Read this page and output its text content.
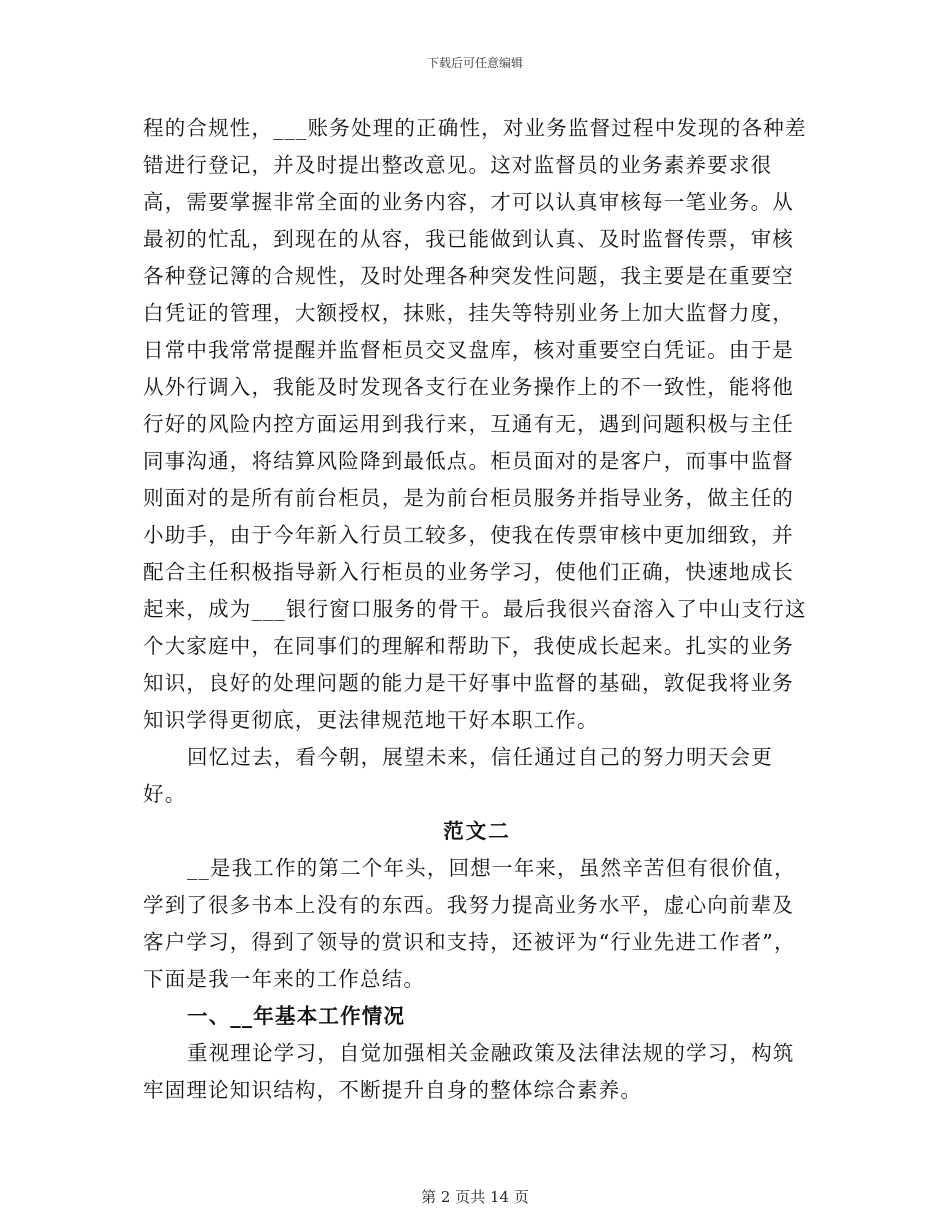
下载后可任意编辑

程的合规性，___账务处理的正确性，对业务监督过程中发现的各种差错进行登记，并及时提出整改意见。这对监督员的业务素养要求很高，需要掌握非常全面的业务内容，才可以认真审核每一笔业务。从最初的忙乱，到现在的从容，我已能做到认真、及时监督传票，审核各种登记簿的合规性，及时处理各种突发性问题，我主要是在重要空白凭证的管理，大额授权，抹账，挂失等特别业务上加大监督力度，日常中我常常提醒并监督柜员交叉盘库，核对重要空白凭证。由于是从外行调入，我能及时发现各支行在业务操作上的不一致性，能将他行好的风险内控方面运用到我行来，互通有无，遇到问题积极与主任同事沟通，将结算风险降到最低点。柜员面对的是客户，而事中监督则面对的是所有前台柜员，是为前台柜员服务并指导业务，做主任的小助手，由于今年新入行员工较多，使我在传票审核中更加细致，并配合主任积极指导新入行柜员的业务学习，使他们正确，快速地成长起来，成为___银行窗口服务的骨干。最后我很兴奋溶入了中山支行这个大家庭中，在同事们的理解和帮助下，我使成长起来。扎实的业务知识，良好的处理问题的能力是干好事中监督的基础，敦促我将业务知识学得更彻底，更法律规范地干好本职工作。

回忆过去，看今朝，展望未来，信任通过自己的努力明天会更好。

范文二

__是我工作的第二个年头，回想一年来，虽然辛苦但有很价值，学到了很多书本上没有的东西。我努力提高业务水平，虚心向前辈及客户学习，得到了领导的赏识和支持，还被评为“行业先进工作者”，下面是我一年来的工作总结。

一、__年基本工作情况

重视理论学习，自觉加强相关金融政策及法律法规的学习，构筑牢固理论知识结构，不断提升自身的整体综合素养。

第 2 页共 14 页
